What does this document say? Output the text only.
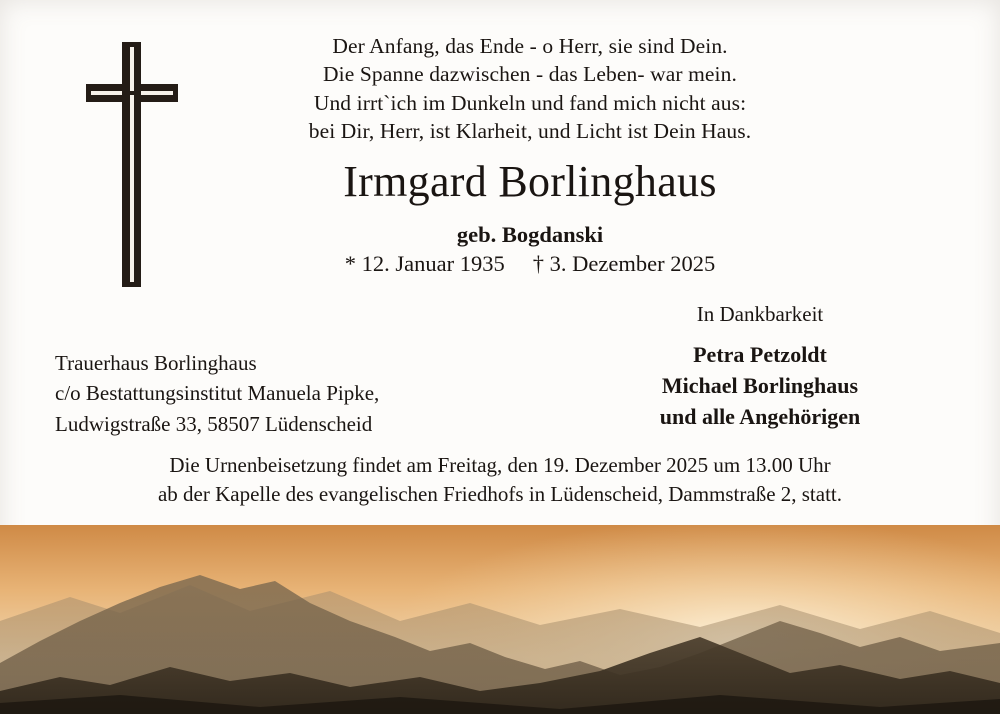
Der Anfang, das Ende - o Herr, sie sind Dein.
Die Spanne dazwischen - das Leben- war mein.
Und irrt`ich im Dunkeln und fand mich nicht aus:
bei Dir, Herr, ist Klarheit, und Licht ist Dein Haus.
Irmgard Borlinghaus
geb. Bogdanski
* 12. Januar 1935 † 3. Dezember 2025
In Dankbarkeit
Petra Petzoldt
Michael Borlinghaus
und alle Angehörigen
Trauerhaus Borlinghaus
c/o Bestattungsinstitut Manuela Pipke,
Ludwigstraße 33, 58507 Lüdenscheid
Die Urnenbeisetzung findet am Freitag, den 19. Dezember 2025 um 13.00 Uhr
ab der Kapelle des evangelischen Friedhofs in Lüdenscheid, Dammstraße 2, statt.
